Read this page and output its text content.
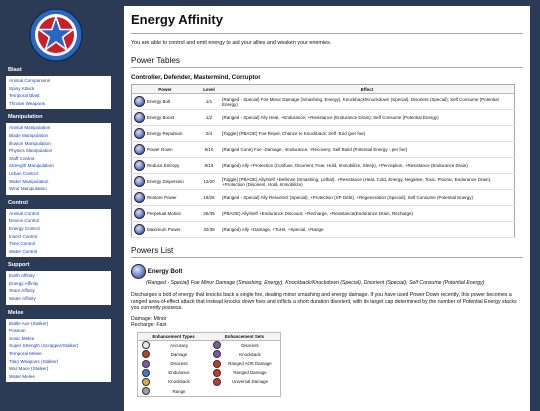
Blast
Animal Companions
Spiny Attack
Temporal Blast
Thrown Weapons
Manipulation
Animal Manipulation
Blade Manipulation
Illusion Manipulation
Physics Manipulation
Staff Control
Strength Manipulation
Urban Control
Water Manipulation
Wind Manipulation
Control
Animal Control
Device Control
Energy Control
Insect Control
Time Control
Water Control
Support
Earth Affinity
Energy Affinity
Team Affinity
Water Affinity
Melee
Battle Axe (Stalker)
Possum
Sonic Melee
Super Strength (Scrapper/Stalker)
Temporal Melee
Titan Weapons (Stalker)
War Mace (Stalker)
Water Melee
Energy Affinity
You are able to control and emit energy to aid your allies and weaken your enemies.
Power Tables
Controller, Defender, Mastermind, Corruptor
Power	Level	Effect
Energy Bolt	1/1	(Ranged - Special) Foe Minor Damage (Smashing, Energy), Knockback/Knockdown (Special), Disorient (Special); Self Consume (Potential Energy)
Energy Boost	1/2	(Ranged - Special) Ally Heal, +Endurance, +Resistance (Endurance Drain); Self Consume (Potential Energy)
Energy Repulsion	2/4	[Toggle] (PBAOE) Foe Repel, Chance to Knockback; Self -End (per foe)
Power Down	6/10	(Ranged Cone) Foe -Damage, -Endurance, -Recovery; Self Build (Potential Energy - per foe)
Reduce Entropy	8/16	(Ranged) Ally +Protection (Confuse, Disorient, Fear, Hold, Immobilize, Sleep), +Perception, +Resistance (Endurance Drain)
Energy Dispersion	12/20	[Toggle] (PBAOE) Ally/Self +Defense (Smashing, Lethal), +Resistance (Heat, Cold, Energy, Negative, Toxic, Psionic, Endurance Drain), +Protection (Disorient, Hold, Immobilize)
Restore Power	18/26	(Ranged - Special) Ally Resurrect (Special), +Protection (XP Debt), +Regeneration (Special); Self Consume (Potential Energy)
Perpetual Motion	26/35	(PBAOE) Ally/Self +Endurance Discount, +Recharge, +Resistance(Endurance Drain, Recharge)
Maximum Power	32/38	(Ranged) Ally +Damage, +ToHit, +Special, +Range
Powers List
Energy Bolt
(Ranged - Special) Foe Minor Damage (Smashing, Energy), Knockback/Knockdown (Special), Disorient (Special); Self Consume (Potential Energy)
Discharges a bolt of energy that knocks back a single foe, dealing minor smashing and energy damage. If you have used Power Down recently, this power becomes a ranged area-of-effect attack that instead knocks down foes and inflicts a short duration disorient, with its target cap determined by the number of Potential Energy stacks you currently possess.
Damage: Minor
Recharge: Fast
Enhancement Types	Enhancement Sets
Accuracy	Disorient
Damage	Knockback
Disorient	Ranged AOE Damage
Endurance	Ranged Damage
Knockback	Universal Damage
Range	
